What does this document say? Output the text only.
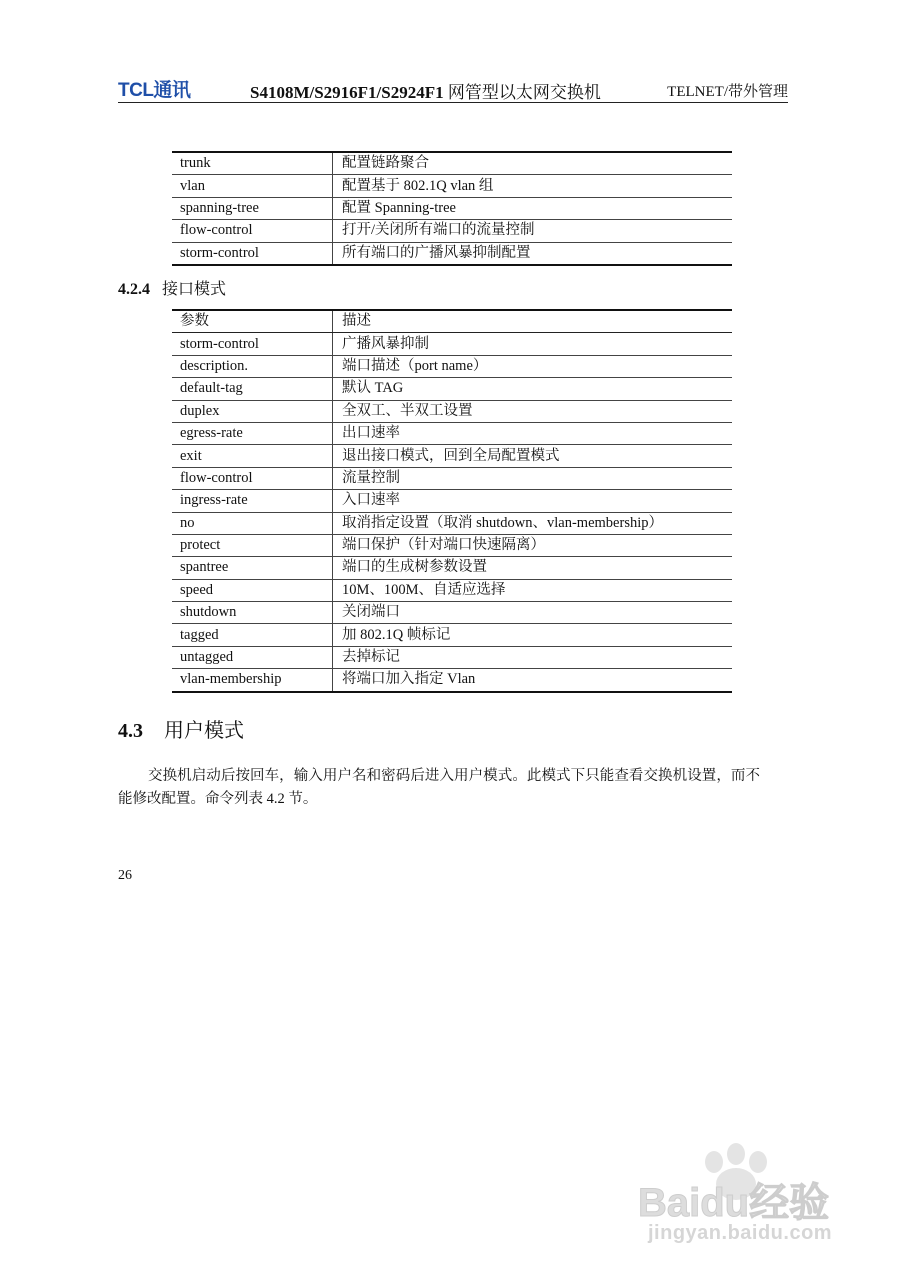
TCL通讯	S4108M/S2916F1/S2924F1 网管型以太网交换机	TELNET/带外管理
trunk	配置链路聚合
vlan	配置基于 802.1Q vlan 组
spanning-tree	配置 Spanning-tree
flow-control	打开/关闭所有端口的流量控制
storm-control	所有端口的广播风暴抑制配置
4.2.4 接口模式
参数	描述
storm-control	广播风暴抑制
description.	端口描述（port name）
default-tag	默认 TAG
duplex	全双工、半双工设置
egress-rate	出口速率
exit	退出接口模式，回到全局配置模式
flow-control	流量控制
ingress-rate	入口速率
no	取消指定设置（取消 shutdown、vlan-membership）
protect	端口保护（针对端口快速隔离）
spantree	端口的生成树参数设置
speed	10M、100M、自适应选择
shutdown	关闭端口
tagged	加 802.1Q 帧标记
untagged	去掉标记
vlan-membership	将端口加入指定 Vlan
4.3 用户模式

交换机启动后按回车，输入用户名和密码后进入用户模式。此模式下只能查看交换机设置，而不能修改配置。命令列表 4.2 节。

26
Baidu经验
jingyan.baidu.com
